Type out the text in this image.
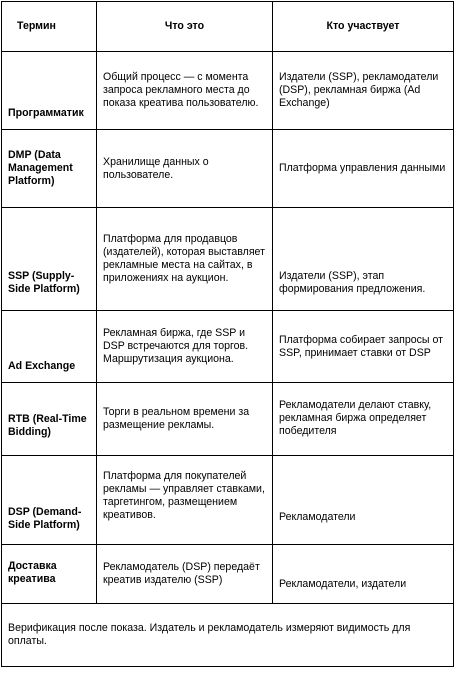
Термин	Что это	Кто участвует
Программатик	Общий процесс — с момента запроса рекламного места до показа креатива пользователю.	Издатели (SSP), рекламодатели (DSP), рекламная биржа (Ad Exchange)
DMP (Data Management Platform)	Хранилище данных о пользователе.	Платформа управления данными
SSP (Supply-Side Platform)	Платформа для продавцов (издателей), которая выставляет рекламные места на сайтах, в приложениях на аукцион.	Издатели (SSP), этап формирования предложения.
Ad Exchange	Рекламная биржа, где SSP и DSP встречаются для торгов. Маршрутизация аукциона.	Платформа собирает запросы от SSP, принимает ставки от DSP
RTB (Real-Time Bidding)	Торги в реальном времени за размещение рекламы.	Рекламодатели делают ставку, рекламная биржа определяет победителя
DSP (Demand-Side Platform)	Платформа для покупателей рекламы — управляет ставками, таргетингом, размещением креативов.	Рекламодатели
Доставка креатива	Рекламодатель (DSP) передаёт креатив издателю (SSP)	Рекламодатели, издатели
Верификация после показа. Издатель и рекламодатель измеряют видимость для оплаты.		
